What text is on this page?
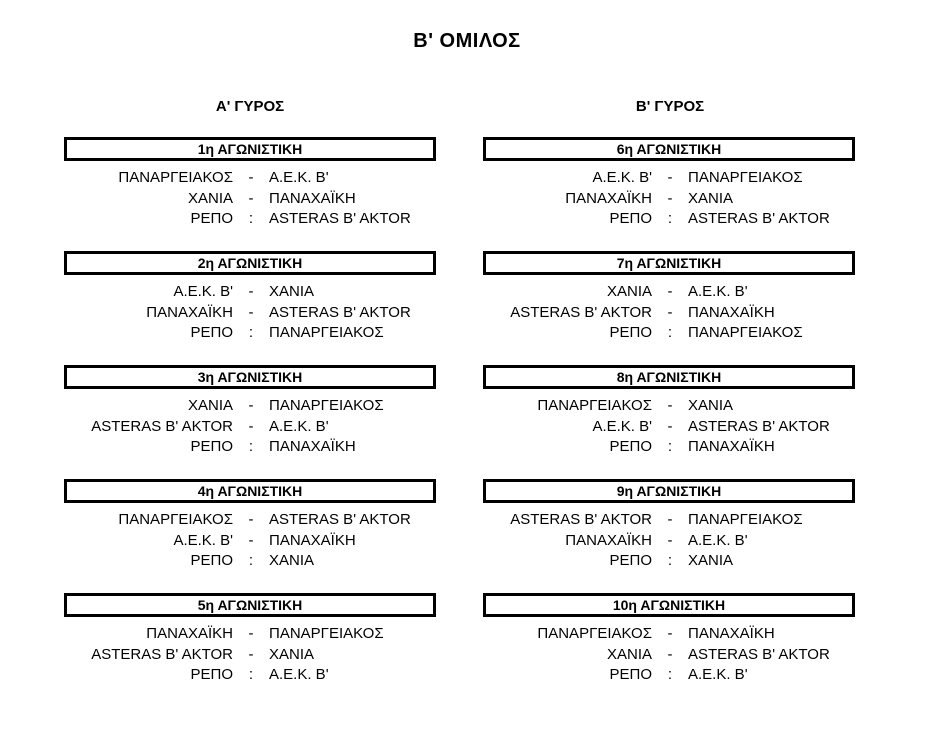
Β' ΟΜΙΛΟΣ
Α' ΓΥΡΟΣ	Β' ΓΥΡΟΣ
1η ΑΓΩΝΙΣΤΙΚΗ
ΠΑΝΑΡΓΕΙΑΚΟΣ - Α.Ε.Κ. Β'
ΧΑΝΙΑ - ΠΑΝΑΧΑΪΚΗ
ΡΕΠΟ : ASTERAS B' AKTOR
2η ΑΓΩΝΙΣΤΙΚΗ
Α.Ε.Κ. Β' - ΧΑΝΙΑ
ΠΑΝΑΧΑΪΚΗ - ASTERAS B' AKTOR
ΡΕΠΟ : ΠΑΝΑΡΓΕΙΑΚΟΣ
3η ΑΓΩΝΙΣΤΙΚΗ
ΧΑΝΙΑ - ΠΑΝΑΡΓΕΙΑΚΟΣ
ASTERAS B' AKTOR - Α.Ε.Κ. Β'
ΡΕΠΟ : ΠΑΝΑΧΑΪΚΗ
4η ΑΓΩΝΙΣΤΙΚΗ
ΠΑΝΑΡΓΕΙΑΚΟΣ - ASTERAS B' AKTOR
Α.Ε.Κ. Β' - ΠΑΝΑΧΑΪΚΗ
ΡΕΠΟ : ΧΑΝΙΑ
5η ΑΓΩΝΙΣΤΙΚΗ
ΠΑΝΑΧΑΪΚΗ - ΠΑΝΑΡΓΕΙΑΚΟΣ
ASTERAS B' AKTOR - ΧΑΝΙΑ
ΡΕΠΟ : Α.Ε.Κ. Β'
6η ΑΓΩΝΙΣΤΙΚΗ
Α.Ε.Κ. Β' - ΠΑΝΑΡΓΕΙΑΚΟΣ
ΠΑΝΑΧΑΪΚΗ - ΧΑΝΙΑ
ΡΕΠΟ : ASTERAS B' AKTOR
7η ΑΓΩΝΙΣΤΙΚΗ
ΧΑΝΙΑ - Α.Ε.Κ. Β'
ASTERAS B' AKTOR - ΠΑΝΑΧΑΪΚΗ
ΡΕΠΟ : ΠΑΝΑΡΓΕΙΑΚΟΣ
8η ΑΓΩΝΙΣΤΙΚΗ
ΠΑΝΑΡΓΕΙΑΚΟΣ - ΧΑΝΙΑ
Α.Ε.Κ. Β' - ASTERAS B' AKTOR
ΡΕΠΟ : ΠΑΝΑΧΑΪΚΗ
9η ΑΓΩΝΙΣΤΙΚΗ
ASTERAS B' AKTOR - ΠΑΝΑΡΓΕΙΑΚΟΣ
ΠΑΝΑΧΑΪΚΗ - Α.Ε.Κ. Β'
ΡΕΠΟ : ΧΑΝΙΑ
10η ΑΓΩΝΙΣΤΙΚΗ
ΠΑΝΑΡΓΕΙΑΚΟΣ - ΠΑΝΑΧΑΪΚΗ
ΧΑΝΙΑ - ASTERAS B' AKTOR
ΡΕΠΟ : Α.Ε.Κ. Β'
